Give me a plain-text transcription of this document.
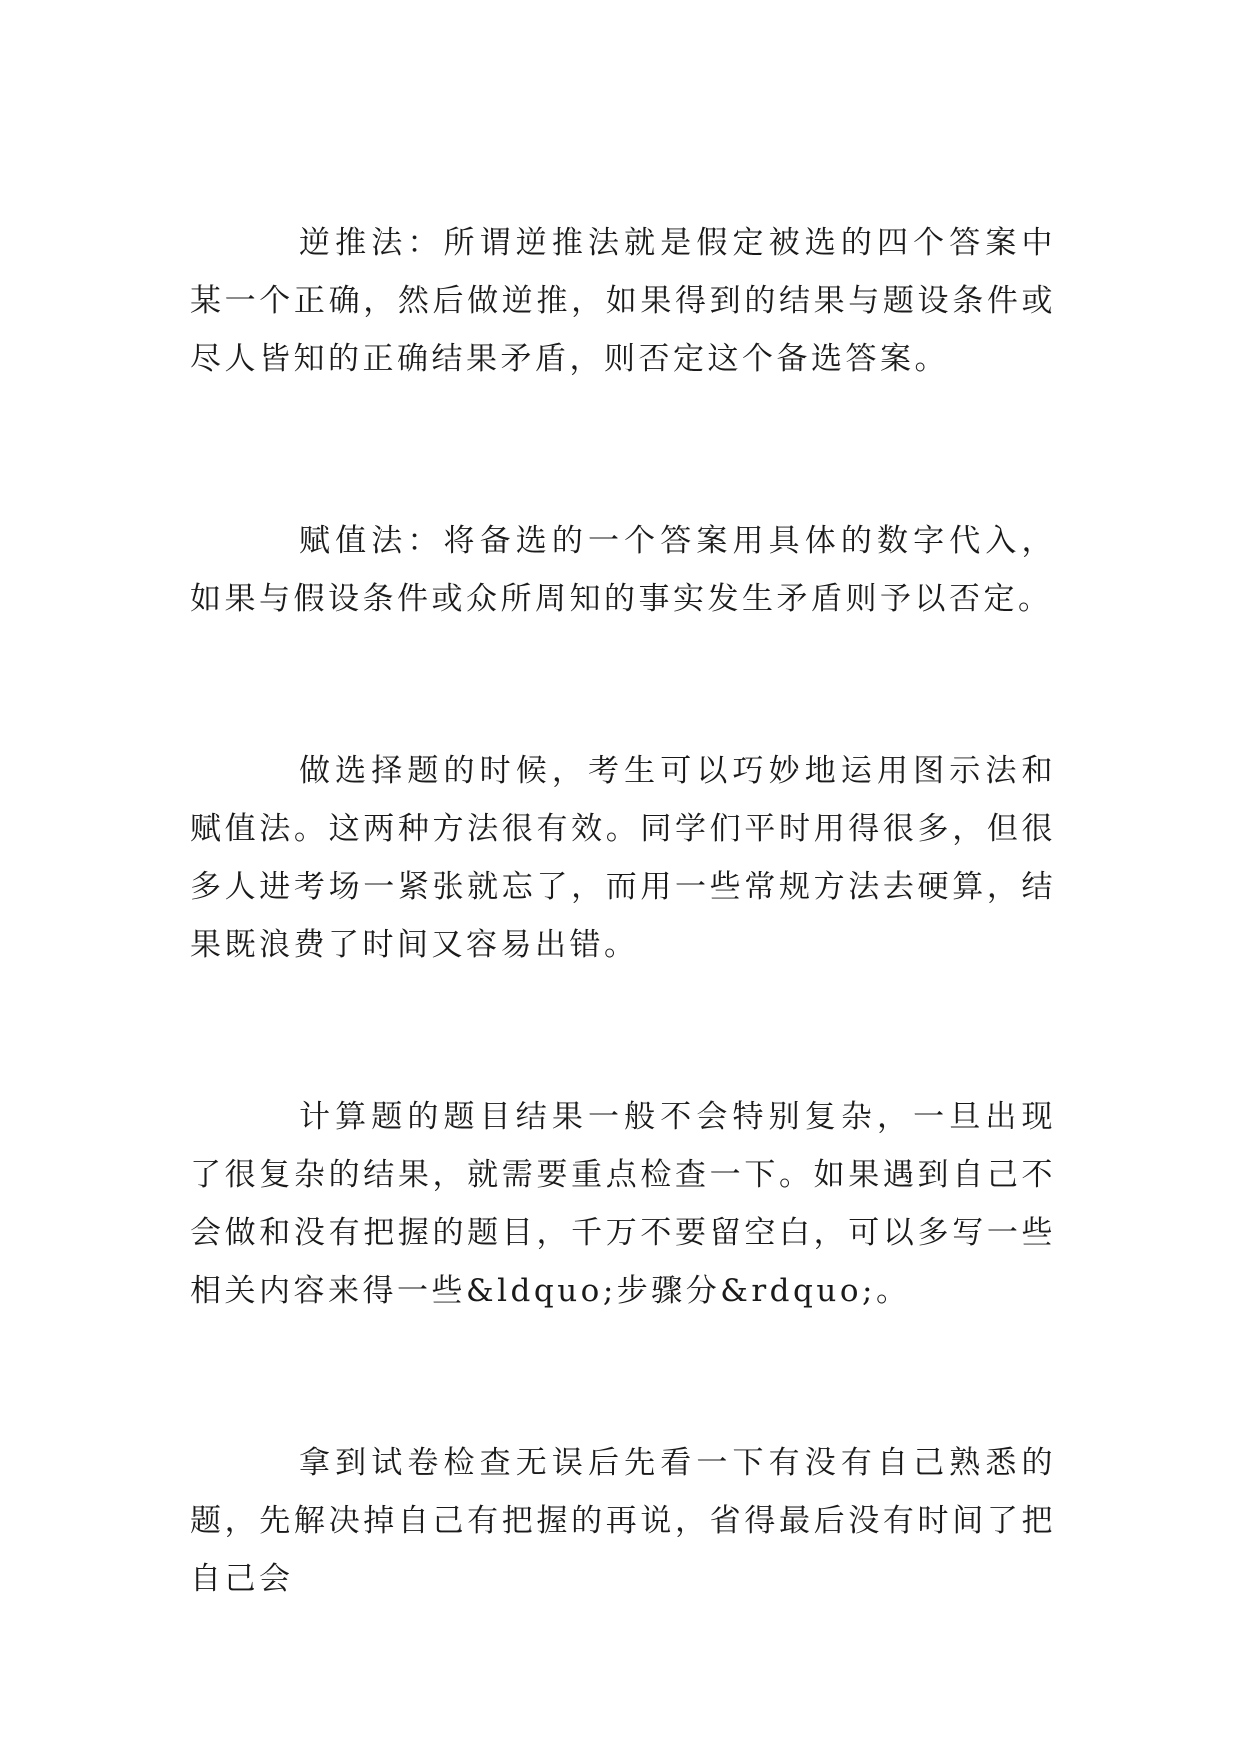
逆推法：所谓逆推法就是假定被选的四个答案中某一个正确，然后做逆推，如果得到的结果与题设条件或尽人皆知的正确结果矛盾，则否定这个备选答案。

赋值法：将备选的一个答案用具体的数字代入，如果与假设条件或众所周知的事实发生矛盾则予以否定。

做选择题的时候，考生可以巧妙地运用图示法和赋值法。这两种方法很有效。同学们平时用得很多，但很多人进考场一紧张就忘了，而用一些常规方法去硬算，结果既浪费了时间又容易出错。

计算题的题目结果一般不会特别复杂，一旦出现了很复杂的结果，就需要重点检查一下。如果遇到自己不会做和没有把握的题目，千万不要留空白，可以多写一些相关内容来得一些&ldquo;步骤分&rdquo;。

拿到试卷检查无误后先看一下有没有自己熟悉的题，先解决掉自己有把握的再说，省得最后没有时间了把自己会
